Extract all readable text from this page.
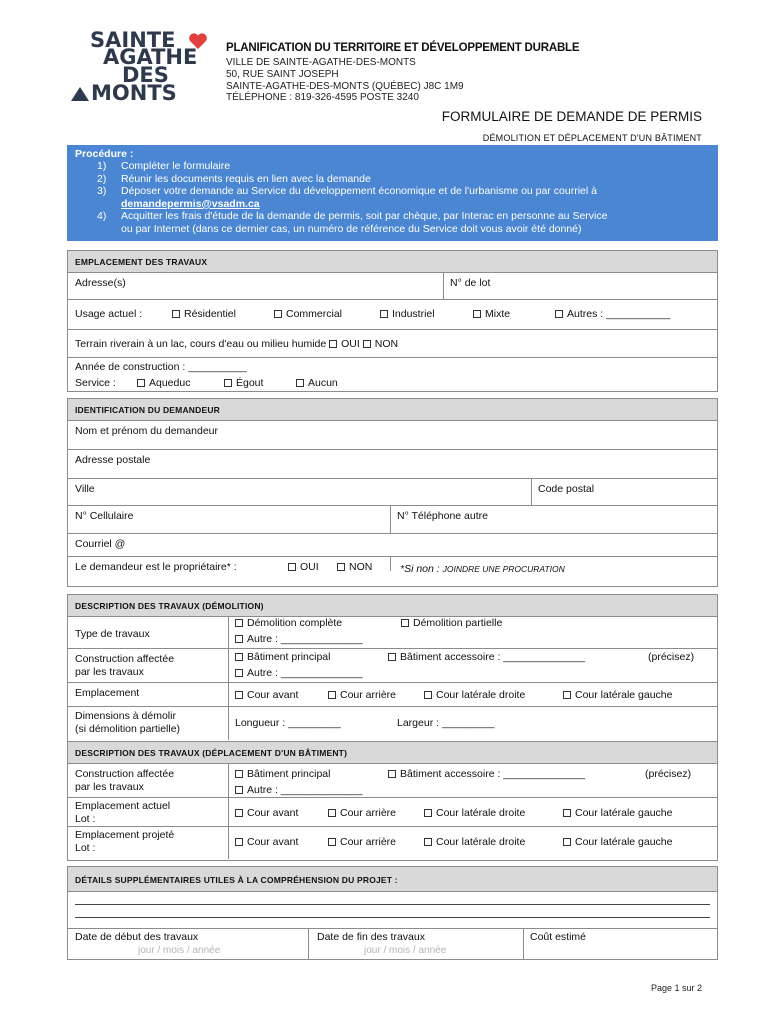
SAINTE
AGATHE
DES
MONTS
PLANIFICATION DU TERRITOIRE ET DÉVELOPPEMENT DURABLE
VILLE DE SAINTE-AGATHE-DES-MONTS
50, RUE SAINT JOSEPH
SAINTE-AGATHE-DES-MONTS (QUÉBEC) J8C 1M9
TÉLÉPHONE : 819-326-4595 POSTE 3240
FORMULAIRE DE DEMANDE DE PERMIS
DÉMOLITION ET DÉPLACEMENT D'UN BÂTIMENT
Procédure :
1) Compléter le formulaire
2) Réunir les documents requis en lien avec la demande
3) Déposer votre demande au Service du développement économique et de l'urbanisme ou par courriel à
demandepermis@vsadm.ca
4) Acquitter les frais d'étude de la demande de permis, soit par chèque, par Interac en personne au Service
ou par Internet (dans ce dernier cas, un numéro de référence du Service doit vous avoir été donné)
EMPLACEMENT DES TRAVAUX
Adresse(s)	N° de lot
Usage actuel :	Résidentiel	Commercial	Industriel	Mixte	Autres : ___________
Terrain riverain à un lac, cours d'eau ou milieu humide OUI NON
Année de construction : __________
Service :	Aqueduc	Égout	Aucun
IDENTIFICATION DU DEMANDEUR
Nom et prénom du demandeur
Adresse postale
Ville	Code postal
N° Cellulaire	N° Téléphone autre
Courriel @
Le demandeur est le propriétaire* :	OUI	NON	*Si non : JOINDRE UNE PROCURATION
DESCRIPTION DES TRAVAUX (DÉMOLITION)
Type de travaux
Démolition complète	Démolition partielle
Autre : ______________
Construction affectée
par les travaux
Bâtiment principal	Bâtiment accessoire : ______________	(précisez)
Autre : ______________
Emplacement	Cour avant	Cour arrière	Cour latérale droite	Cour latérale gauche
Dimensions à démolir
(si démolition partielle)	Longueur : _________	Largeur : _________
DESCRIPTION DES TRAVAUX (DÉPLACEMENT D'UN BÂTIMENT)
Construction affectée
par les travaux
Bâtiment principal	Bâtiment accessoire : ______________	(précisez)
Autre : ______________
Emplacement actuel
Lot :	Cour avant	Cour arrière	Cour latérale droite	Cour latérale gauche
Emplacement projeté
Lot :	Cour avant	Cour arrière	Cour latérale droite	Cour latérale gauche
DÉTAILS SUPPLÉMENTAIRES UTILES À LA COMPRÉHENSION DU PROJET :
Date de début des travaux
jour / mois / année
Date de fin des travaux
jour / mois / année
Coût estimé
Page 1 sur 2
